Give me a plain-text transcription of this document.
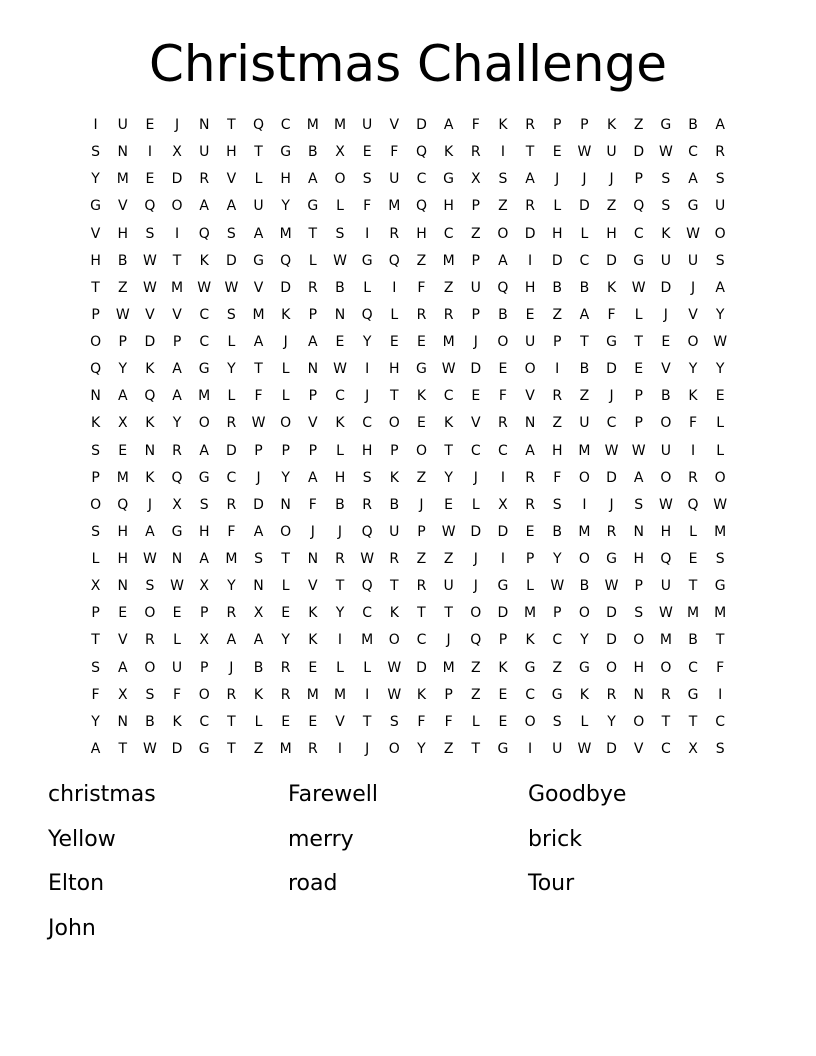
Christmas Challenge
I	U	E	J	N	T	Q	C	M	M	U	V	D	A	F	K	R	P	P	K	Z	G	B	A
S	N	I	X	U	H	T	G	B	X	E	F	Q	K	R	I	T	E	W	U	D	W	C	R
Y	M	E	D	R	V	L	H	A	O	S	U	C	G	X	S	A	J	J	J	P	S	A	S
G	V	Q	O	A	A	U	Y	G	L	F	M	Q	H	P	Z	R	L	D	Z	Q	S	G	U
V	H	S	I	Q	S	A	M	T	S	I	R	H	C	Z	O	D	H	L	H	C	K	W	O
H	B	W	T	K	D	G	Q	L	W	G	Q	Z	M	P	A	I	D	C	D	G	U	U	S
T	Z	W	M	W W	V	D	R	B	L	I	F	Z	U	Q	H	B	B	K	W	D	J	A
P	W	V	V	C	S	M	K	P	N	Q	L	R	R	P	B	E	Z	A	F	L	J	V	Y
O	P	D	P	C	L	A	J	A	E	Y	E	E	M	J	O	U	P	T	G	T	E	O	W
Q	Y	K	A	G	Y	T	L	N	W	I	H	G	W	D	E	O	I	B	D	E	V	Y	Y
N	A	Q	A	M	L	F	L	P	C	J	T	K	C	E	F	V	R	Z	J	P	B	K	E
K	X	K	Y	O	R	W	O	V	K	C	O	E	K	V	R	N	Z	U	C	P	O	F	L
S	E	N	R	A	D	P	P	P	L	H	P	O	T	C	C	A	H	M	W W	U	I	L
P	M	K	Q	G	C	J	Y	A	H	S	K	Z	Y	J	I	R	F	O	D	A	O	R	O
O	Q	J	X	S	R	D	N	F	B	R	B	J	E	L	X	R	S	I	J	S	W	Q	W
S	H	A	G	H	F	A	O	J	J	Q	U	P	W	D	D	E	B	M	R	N	H	L	M
L	H	W	N	A	M	S	T	N	R	W	R	Z	Z	J	I	P	Y	O	G	H	Q	E	S
X	N	S	W	X	Y	N	L	V	T	Q	T	R	U	J	G	L	W	B	W	P	U	T	G
P	E	O	E	P	R	X	E	K	Y	C	K	T	T	O	D	M	P	O	D	S	W	M	M
T	V	R	L	X	A	A	Y	K	I	M	O	C	J	Q	P	K	C	Y	D	O	M	B	T
S	A	O	U	P	J	B	R	E	L	L	W	D	M	Z	K	G	Z	G	O	H	O	C	F
F	X	S	F	O	R	K	R	M	M	I	W	K	P	Z	E	C	G	K	R	N	R	G	I
Y	N	B	K	C	T	L	E	E	V	T	S	F	F	L	E	O	S	L	Y	O	T	T	C
A	T	W	D	G	T	Z	M	R	I	J	O	Y	Z	T	G	I	U	W	D	V	C	X	S
christmas	Farewell	Goodbye
Yellow	merry	brick
Elton	road	Tour
John
